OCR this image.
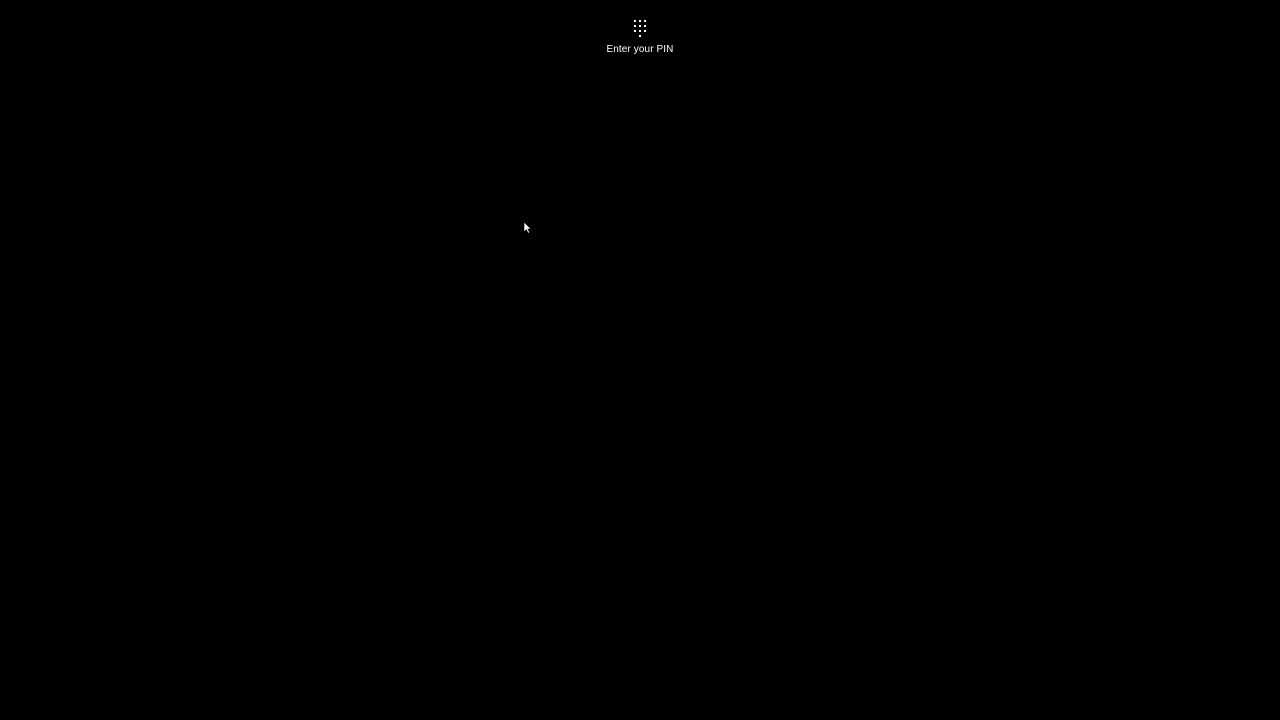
Enter your PIN
